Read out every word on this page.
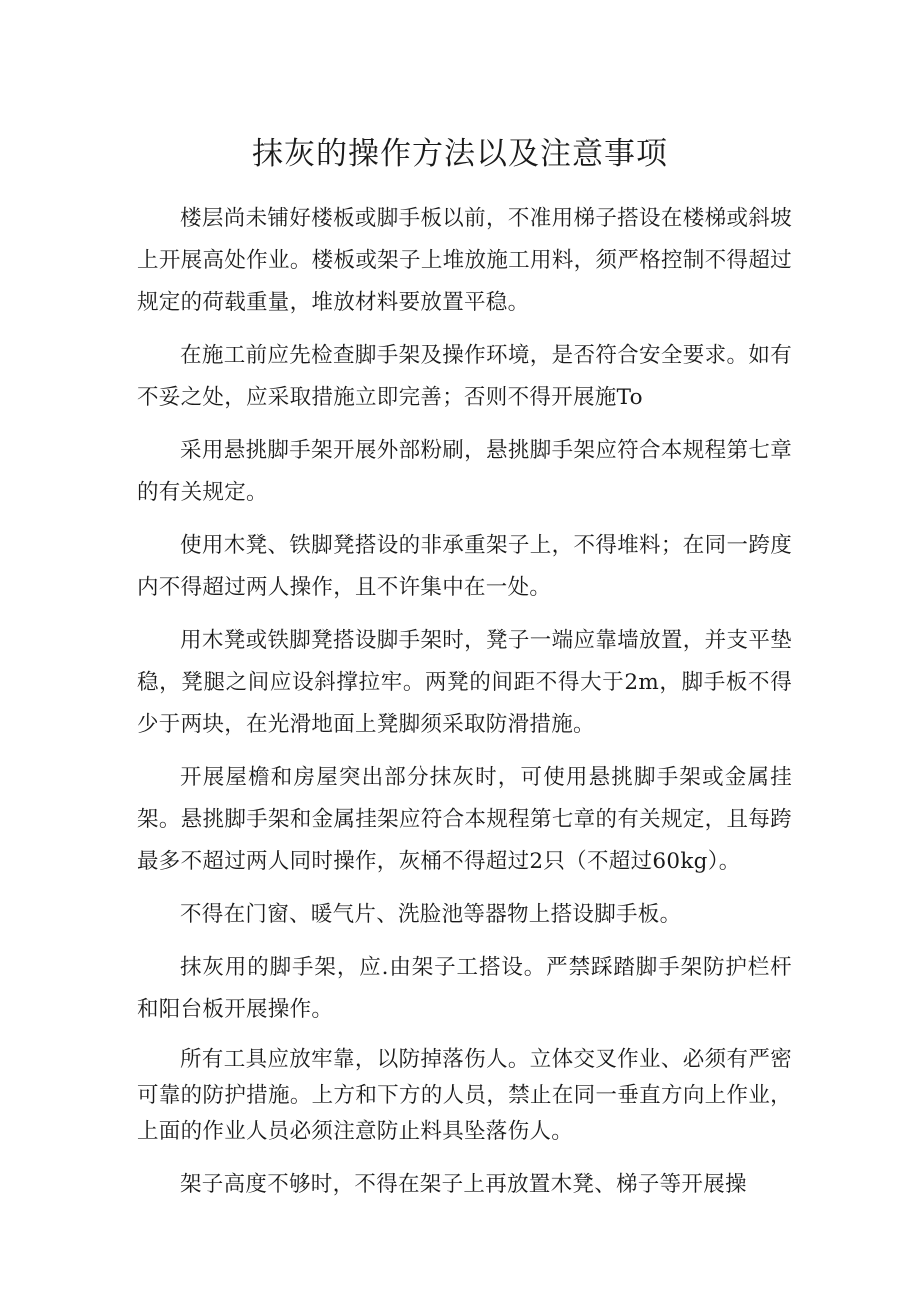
抹灰的操作方法以及注意事项

楼层尚未铺好楼板或脚手板以前，不准用梯子搭设在楼梯或斜坡上开展高处作业。楼板或架子上堆放施工用料，须严格控制不得超过规定的荷载重量，堆放材料要放置平稳。

在施工前应先检查脚手架及操作环境，是否符合安全要求。如有不妥之处，应采取措施立即完善；否则不得开展施To

采用悬挑脚手架开展外部粉刷，悬挑脚手架应符合本规程第七章的有关规定。

使用木凳、铁脚凳搭设的非承重架子上，不得堆料；在同一跨度内不得超过两人操作，且不许集中在一处。

用木凳或铁脚凳搭设脚手架时，凳子一端应靠墙放置，并支平垫稳，凳腿之间应设斜撑拉牢。两凳的间距不得大于2m，脚手板不得少于两块，在光滑地面上凳脚须采取防滑措施。

开展屋檐和房屋突出部分抹灰时，可使用悬挑脚手架或金属挂架。悬挑脚手架和金属挂架应符合本规程第七章的有关规定，且每跨最多不超过两人同时操作，灰桶不得超过2只（不超过60kg）。

不得在门窗、暖气片、洗脸池等器物上搭设脚手板。

抹灰用的脚手架，应.由架子工搭设。严禁踩踏脚手架防护栏杆和阳台板开展操作。

所有工具应放牢靠，以防掉落伤人。立体交叉作业、必须有严密可靠的防护措施。上方和下方的人员，禁止在同一垂直方向上作业，上面的作业人员必须注意防止料具坠落伤人。

架子高度不够时，不得在架子上再放置木凳、梯子等开展操
